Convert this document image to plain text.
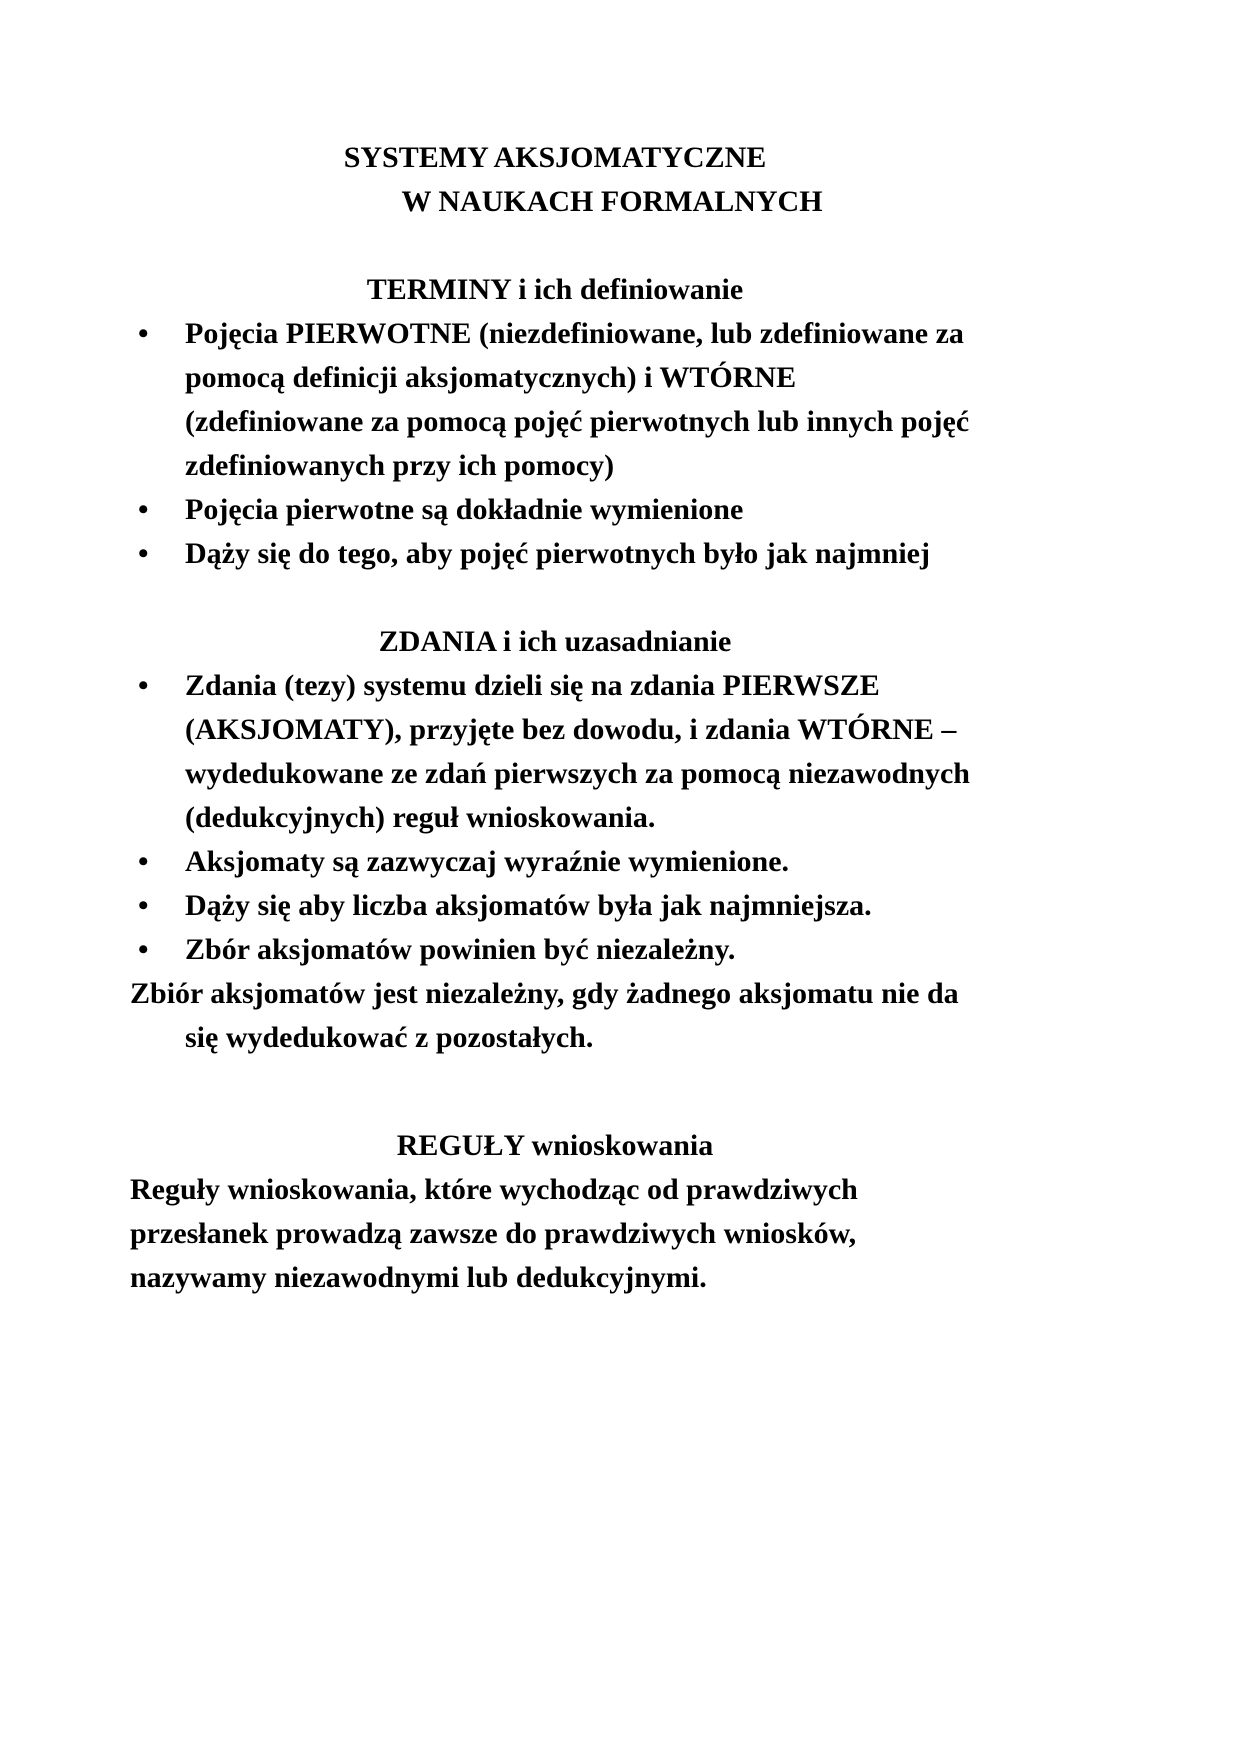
SYSTEMY AKSJOMATYCZNE
W NAUKACH FORMALNYCH
TERMINY i ich definiowanie
• Pojęcia PIERWOTNE (niezdefiniowane, lub zdefiniowane za pomocą definicji aksjomatycznych) i WTÓRNE (zdefiniowane za pomocą pojęć pierwotnych lub innych pojęć zdefiniowanych przy ich pomocy)
• Pojęcia pierwotne są dokładnie wymienione
• Dąży się do tego, aby pojęć pierwotnych było jak najmniej
ZDANIA i ich uzasadnianie
• Zdania (tezy) systemu dzieli się na zdania PIERWSZE (AKSJOMATY), przyjęte bez dowodu, i zdania WTÓRNE – wydedukowane ze zdań pierwszych za pomocą niezawodnych (dedukcyjnych) reguł wnioskowania.
• Aksjomaty są zazwyczaj wyraźnie wymienione.
• Dąży się aby liczba aksjomatów była jak najmniejsza.
• Zbór aksjomatów powinien być niezależny.

Zbiór aksjomatów jest niezależny, gdy żadnego aksjomatu nie da się wydedukować z pozostałych.

REGUŁY wnioskowania

Reguły wnioskowania, które wychodząc od prawdziwych przesłanek prowadzą zawsze do prawdziwych wniosków, nazywamy niezawodnymi lub dedukcyjnymi.
